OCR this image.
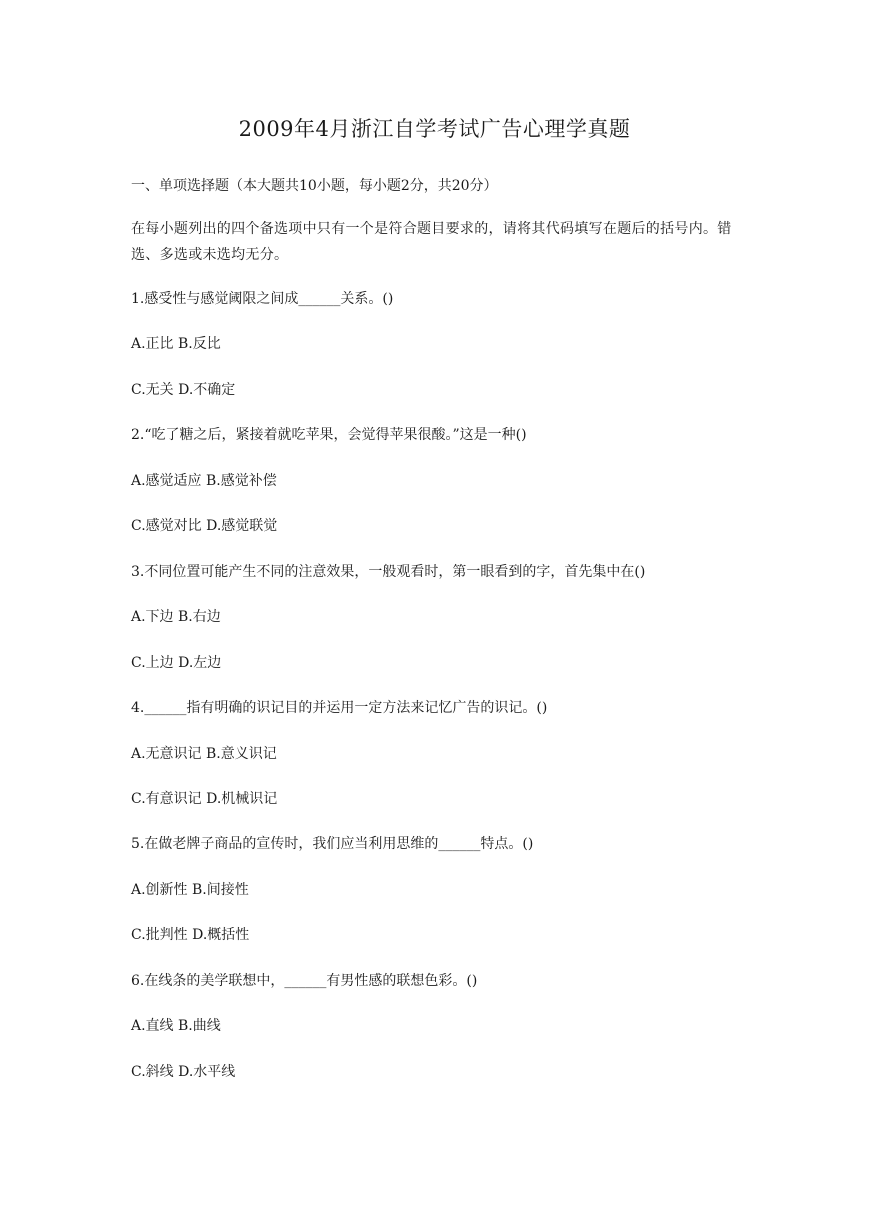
2009年4月浙江自学考试广告心理学真题

一、单项选择题（本大题共10小题，每小题2分，共20分）

在每小题列出的四个备选项中只有一个是符合题目要求的，请将其代码填写在题后的括号内。错选、多选或未选均无分。

1.感受性与感觉阈限之间成______关系。()

A.正比 B.反比

C.无关 D.不确定

2.“吃了糖之后，紧接着就吃苹果，会觉得苹果很酸。”这是一种()

A.感觉适应 B.感觉补偿

C.感觉对比 D.感觉联觉

3.不同位置可能产生不同的注意效果，一般观看时，第一眼看到的字，首先集中在()

A.下边 B.右边

C.上边 D.左边

4.______指有明确的识记目的并运用一定方法来记忆广告的识记。()

A.无意识记 B.意义识记

C.有意识记 D.机械识记

5.在做老牌子商品的宣传时，我们应当利用思维的______特点。()

A.创新性 B.间接性

C.批判性 D.概括性

6.在线条的美学联想中，______有男性感的联想色彩。()

A.直线 B.曲线

C.斜线 D.水平线
